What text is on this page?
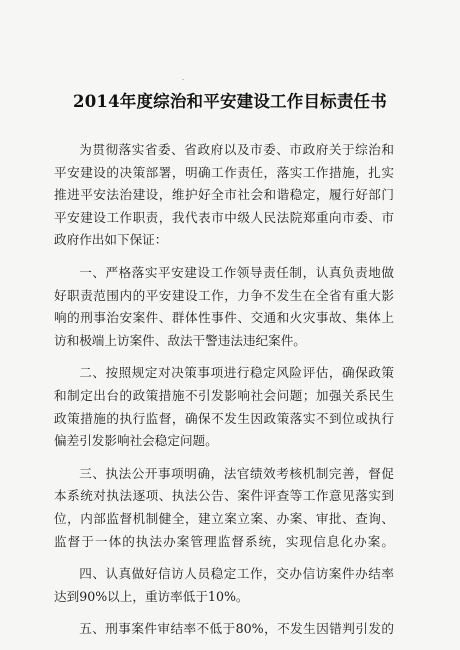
·
2014年度综治和平安建设工作目标责任书
为贯彻落实省委、省政府以及市委、市政府关于综治和
平安建设的决策部署，明确工作责任，落实工作措施，扎实
推进平安法治建设，维护好全市社会和谐稳定，履行好部门
平安建设工作职责，我代表市中级人民法院郑重向市委、市
政府作出如下保证：
一、严格落实平安建设工作领导责任制，认真负责地做
好职责范围内的平安建设工作，力争不发生在全省有重大影
响的刑事治安案件、群体性事件、交通和火灾事故、集体上
访和极端上访案件、敌法干警违法违纪案件。
二、按照规定对决策事项进行稳定风险评估，确保政策
和制定出台的政策措施不引发影响社会问题；加强关系民生
政策措施的执行监督，确保不发生因政策落实不到位或执行
偏差引发影响社会稳定问题。
三、执法公开事项明确，法官绩效考核机制完善，督促
本系统对执法逐项、执法公告、案件评查等工作意见落实到
位，内部监督机制健全，建立案立案、办案、审批、查询、
监督于一体的执法办案管理监督系统，实现信息化办案。
四、认真做好信访人员稳定工作，交办信访案件办结率
达到90%以上，重访率低于10%。
五、刑事案件审结率不低于80%，不发生因错判引发的
